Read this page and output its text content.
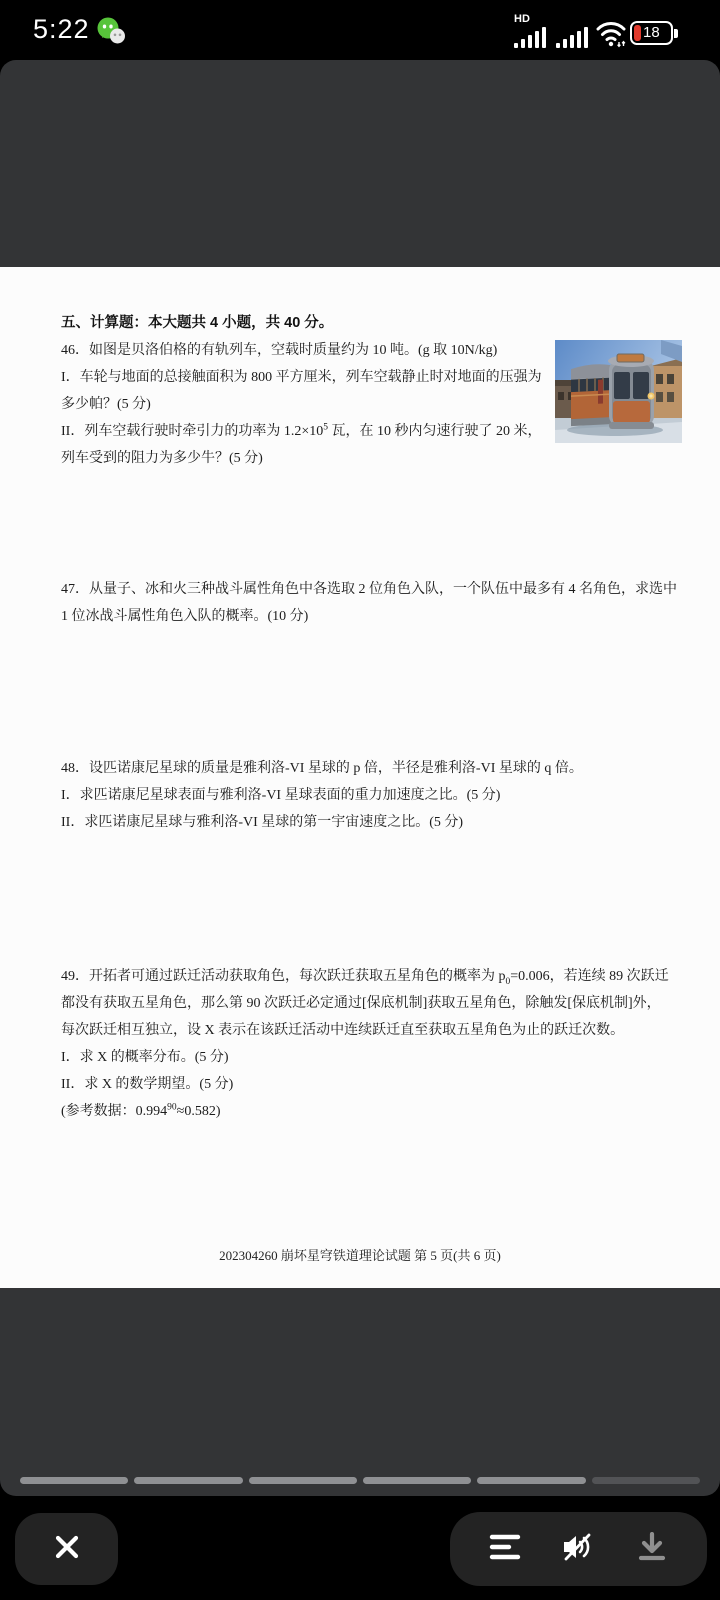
5:22	HD
18
五、计算题：本大题共 4 小题，共 40 分。
46．如图是贝洛伯格的有轨列车，空载时质量约为 10 吨。(g 取 10N/kg)
I．车轮与地面的总接触面积为 800 平方厘米，列车空载静止时对地面的压强为
多少帕？(5 分)
II．列车空载行驶时牵引力的功率为 $1.2\times 10^5$ 瓦，在 10 秒内匀速行驶了 20 米，
列车受到的阻力为多少牛？(5 分)
47．从量子、冰和火三种战斗属性角色中各选取 2 位角色入队，一个队伍中最多有 4 名角色，求选中
1 位冰战斗属性角色入队的概率。(10 分)
48．设匹诺康尼星球的质量是雅利洛-VI 星球的 p 倍，半径是雅利洛-VI 星球的 q 倍。
I．求匹诺康尼星球表面与雅利洛-VI 星球表面的重力加速度之比。(5 分)
II．求匹诺康尼星球与雅利洛-VI 星球的第一宇宙速度之比。(5 分)
49．开拓者可通过跃迁活动获取角色，每次跃迁获取五星角色的概率为 $p_0=0.006$，若连续 89 次跃迁
都没有获取五星角色，那么第 90 次跃迁必定通过[保底机制]获取五星角色，除触发[保底机制]外，
每次跃迁相互独立，设 X 表示在该跃迁活动中连续跃迁直至获取五星角色为止的跃迁次数。
I．求 X 的概率分布。(5 分)
II．求 X 的数学期望。(5 分)
(参考数据：$0.994^{90}\approx 0.582$)
202304260 崩坏星穹铁道理论试题 第 5 页(共 6 页)
